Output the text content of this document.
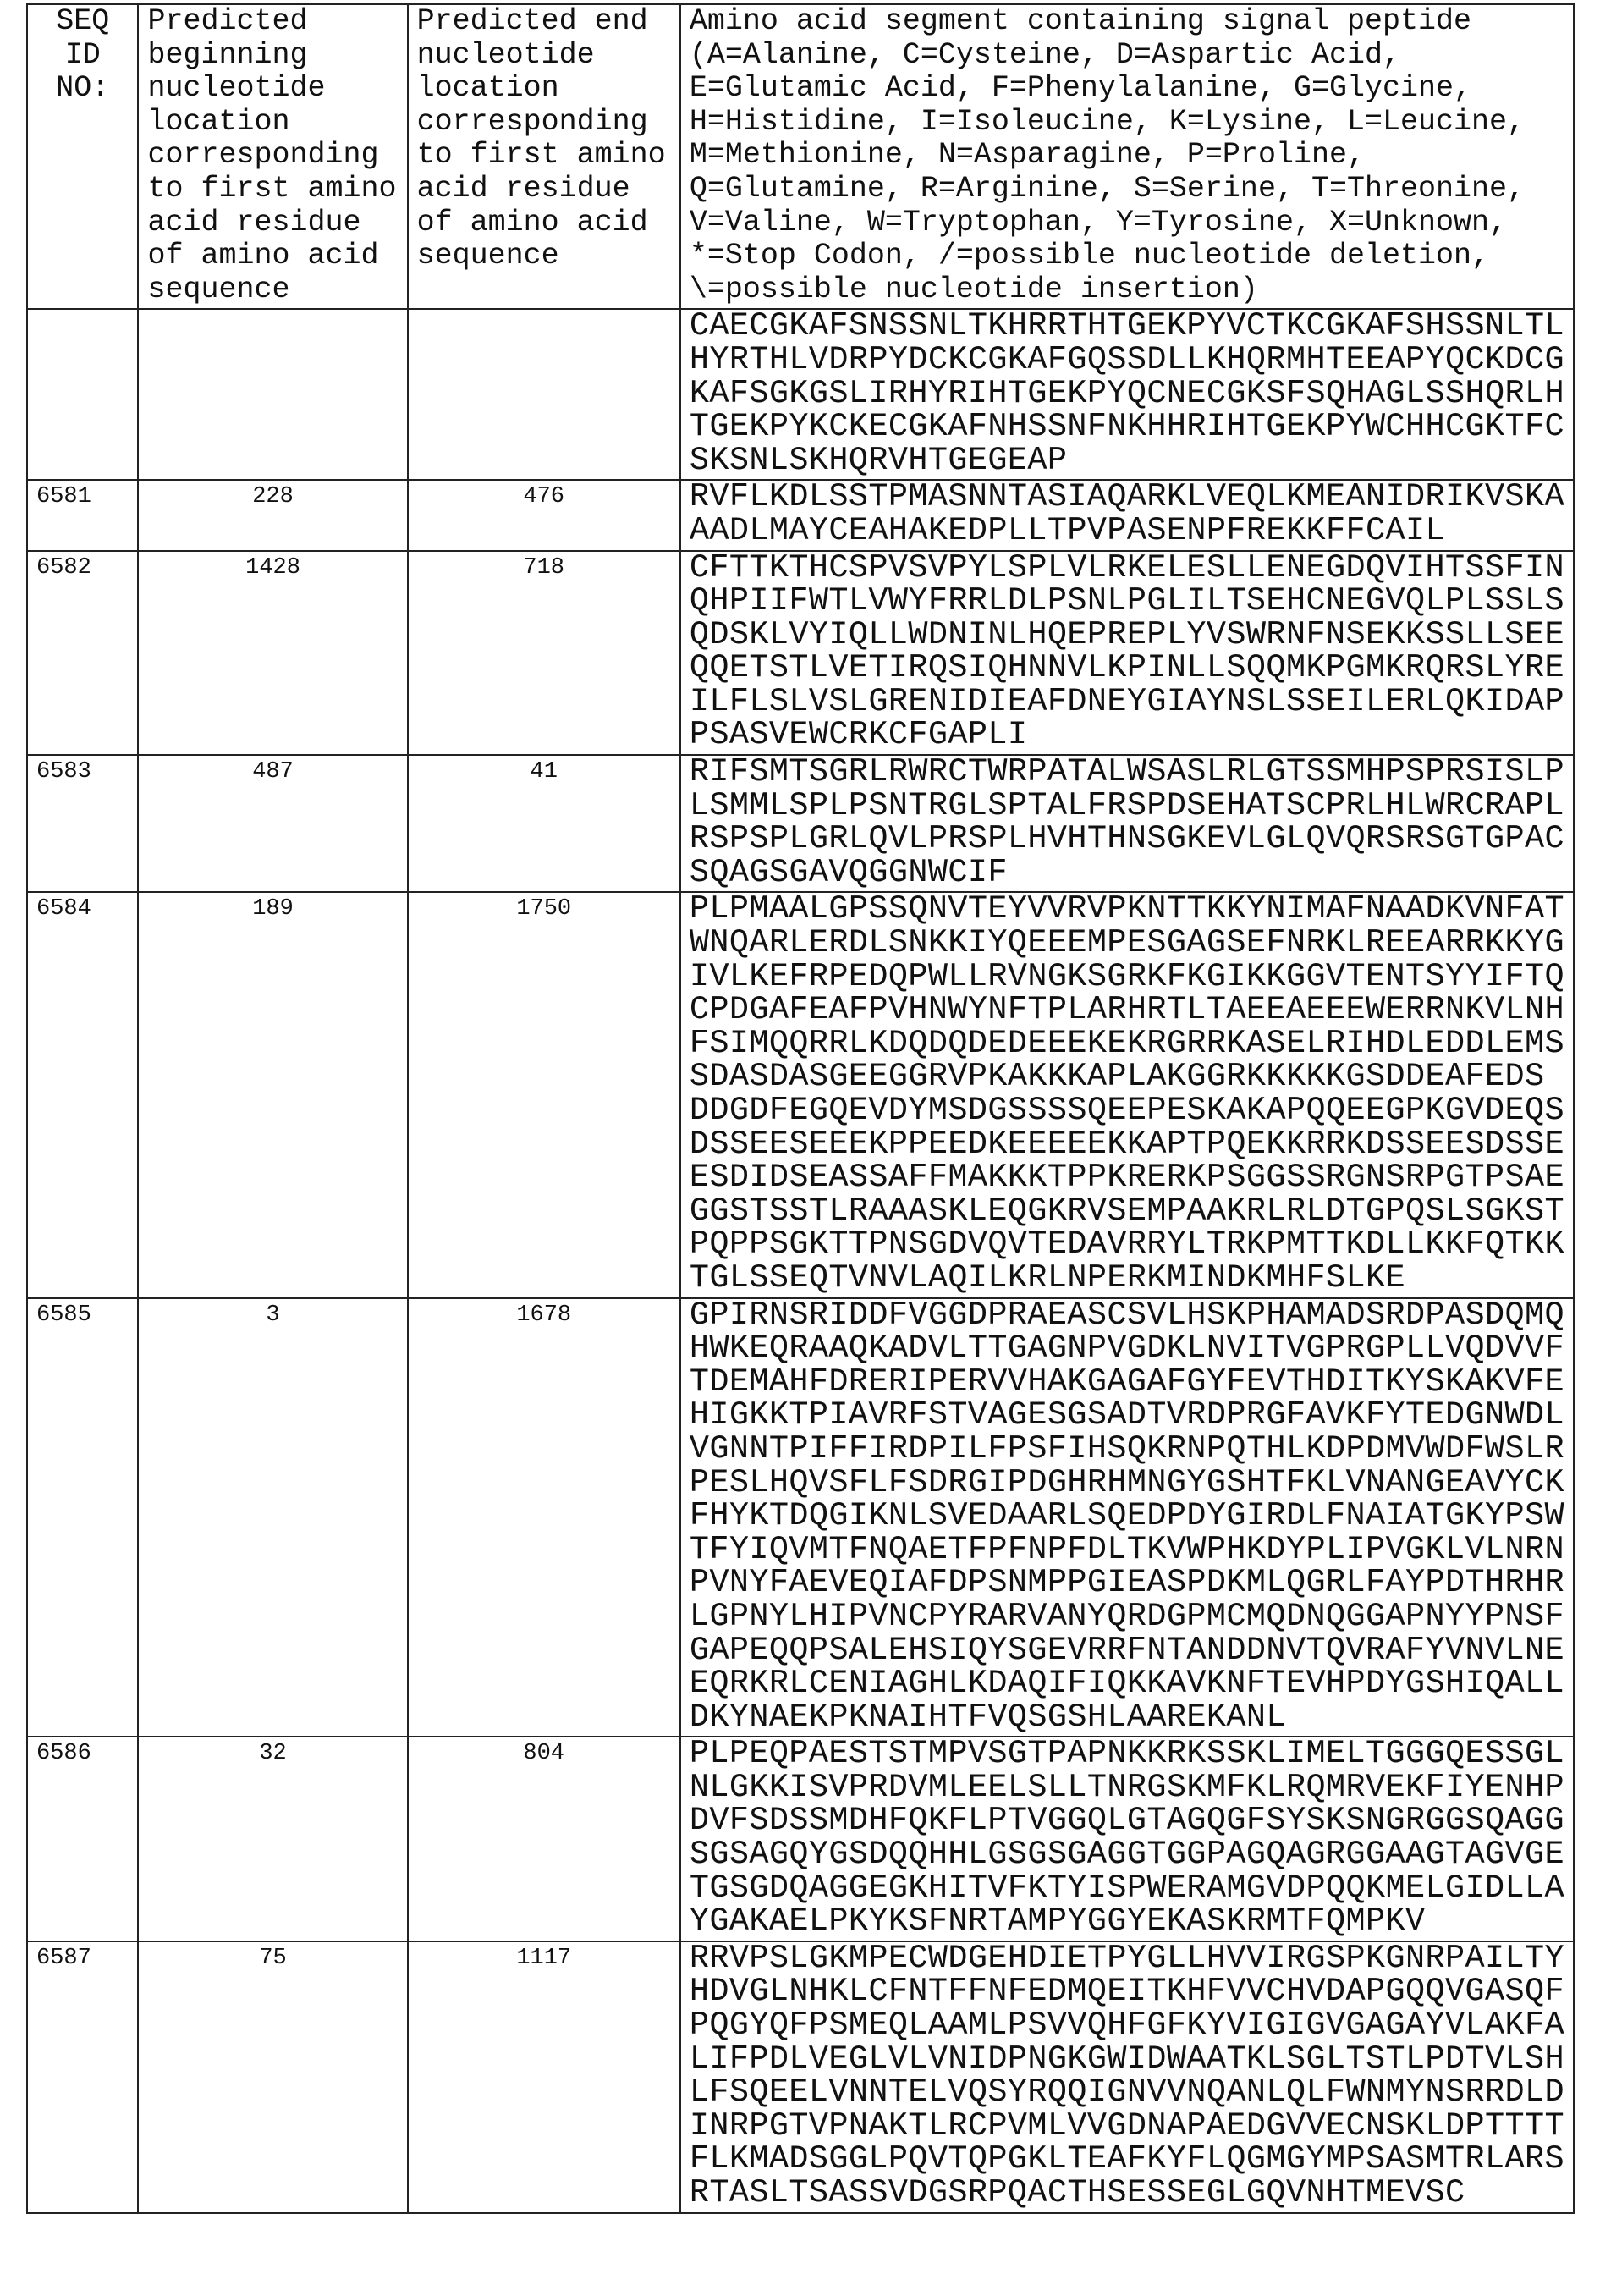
SEQ ID NO:	Predicted beginning nucleotide location corresponding to first amino acid residue of amino acid sequence	Predicted end nucleotide location corresponding to first amino acid residue of amino acid sequence	Amino acid segment containing signal peptide (A=Alanine, C=Cysteine, D=Aspartic Acid, E=Glutamic Acid, F=Phenylalanine, G=Glycine, H=Histidine, I=Isoleucine, K=Lysine, L=Leucine, M=Methionine, N=Asparagine, P=Proline, Q=Glutamine, R=Arginine, S=Serine, T=Threonine, V=Valine, W=Tryptophan, Y=Tyrosine, X=Unknown, *=Stop Codon, /=possible nucleotide deletion, \=possible nucleotide insertion)

CAECGKAFSNSSNLTKHRRTHTGEKPYVCTKCGKAFSHSSNLTL
HYRTHLVDRPYDCKCGKAFGQSSDLLKHQRMHTEEAPYQCKDCG
KAFSGKGSLIRHYRIHTGEKPYQCNECGKSFSQHAGLSSHQRLH
TGEKPYKCKECGKAFNHSSNFNKHHRIHTGEKPYWCHHCGKTFC
SKSNLSKHQRVHTGEGEAP

6581	228	476	RVFLKDLSSTPMASNNTASIAQARKLVEQLKMEANIDRIKVSKA
AADLMAYCEAHAKEDPLLTPVPASENPFREKKFFCAIL

6582	1428	718	CFTTKTHCSPVSVPYLSPLVLRKELESLLENEGDQVIHTSSFIN
QHPIIFWTLVWYFRRLDLPSNLPGLILTSEHCNEGVQLPLSSLS
QDSKLVYIQLLWDNINLHQEPREPLYVSWRNFNSEKKSSLLSEE
QQETSTLVETIRQSIQHNNVLKPINLLSQQMKPGMKRQRSLYRE
ILFLSLVSLGRENIDIEAFDNEYGIAYNSLSSEILERLQKIDAP
PSASVEWCRKCFGAPLI

6583	487	41	RIFSMTSGRLRWRCTWRPATALWSASLRLGTSSMHPSPRSISLP
LSMMLSPLPSNTRGLSPTALFRSPDSEHATSCPRLHLWRCRAPL
RSPSPLGRLQVLPRSPLHVHTHNSGKEVLGLQVQRSRSGTGPAC
SQAGSGAVQGGNWCIF

6584	189	1750	PLPMAALGPSSQNVTEYVVRVPKNTTKKYNIMAFNAADKVNFAT
WNQARLERDLSNKKIYQEEEMPESGAGSEFNRKLREEARRKKYG
IVLKEFRPEDQPWLLRVNGKSGRKFKGIKKGGVTENTSYYIFTQ
CPDGAFEAFPVHNWYNFTPLARHRTLTAEEAEEEWERRNKVLNH
FSIMQQRRLKDQDQDEDEEEKEKRGRRKASELRIHDLEDDLEMS
SDASDASGEEGGRVPKAKKKAPLAKGGRKKKKKGSDDEAFEDS
DDGDFEGQEVDYMSDGSSSSQEEPESKAKAPQQEEGPKGVDEQS
DSSEESEEEKPPEEDKEEEEEKKAPTPQEKKRRKDSSEESDSSE
ESDIDSEASSAFFMAKKKTPPKRERKPSGGSSRGNSRPGTPSAE
GGSTSSTLRAAASKLEQGKRVSEMPAAKRLRLDTGPQSLSGKST
PQPPSGKTTPNSGDVQVTEDAVRRYLTRKPMTTKDLLKKFQTKK
TGLSSEQTVNVLAQILKRLNPERKMINDKMHFSLKE

6585	3	1678	GPIRNSRIDDFVGGDPRAEASCSVLHSKPHAMADSRDPASDQMQ
HWKEQRAAQKADVLTTGAGNPVGDKLNVITVGPRGPLLVQDVVF
TDEMAHFDRERIPERVVHAKGAGAFGYFEVTHDITKYSKAKVFE
HIGKKTPIAVRFSTVAGESGSADTVRDPRGFAVKFYTEDGNWDL
VGNNTPIFFIRDPILFPSFIHSQKRNPQTHLKDPDMVWDFWSLR
PESLHQVSFLFSDRGIPDGHRHMNGYGSHTFKLVNANGEAVYCK
FHYKTDQGIKNLSVEDAARLSQEDPDYGIRDLFNAIATGKYPSW
TFYIQVMTFNQAETFPFNPFDLTKVWPHKDYPLIPVGKLVLNRN
PVNYFAEVEQIAFDPSNMPPGIEASPDKMLQGRLFAYPDTHRHR
LGPNYLHIPVNCPYRARVANYQRDGPMCMQDNQGGAPNYYPNSF
GAPEQQPSALEHSIQYSGEVRRFNTANDDNVTQVRAFYVNVLNE
EQRKRLCENIAGHLKDAQIFIQKKAVKNFTEVHPDYGSHIQALL
DKYNAEKPKNAIHTFVQSGSHLAAREKANL

6586	32	804	PLPEQPAESTSTMPVSGTPAPNKKRKSSKLIMELTGGGQESSGL
NLGKKISVPRDVMLEELSLLTNRGSKMFKLRQMRVEKFIYENHP
DVFSDSSMDHFQKFLPTVGGQLGTAGQGFSYSKSNGRGGSQAGG
SGSAGQYGSDQQHHLGSGSGAGGTGGPAGQAGRGGAAGTAGVGE
TGSGDQAGGEGKHITVFKTYISPWERAMGVDPQQKMELGIDLLA
YGAKAELPKYKSFNRTAMPYGGYEKASKRMTFQMPKV

6587	75	1117	RRVPSLGKMPECWDGEHDIETPYGLLHVVIRGSPKGNRPAILTY
HDVGLNHKLCFNTFFNFEDMQEITKHFVVCHVDAPGQQVGASQF
PQGYQFPSMEQLAAMLPSVVQHFGFKYVIGIGVGAGAYVLAKFA
LIFPDLVEGLVLVNIDPNGKGWIDWAATKLSGLTSTLPDTVLSH
LFSQEELVNNTELVQSYRQQIGNVVNQANLQLFWNMYNSRRDLD
INRPGTVPNAKTLRCPVMLVVGDNAPAEDGVVECNSKLDPTTTT
FLKMADSGGLPQVTQPGKLTEAFKYFLQGMGYMPSASMTRLARS
RTASLTSASSVDGSRPQACTHSESSEGLGQVNHTMEVSC
